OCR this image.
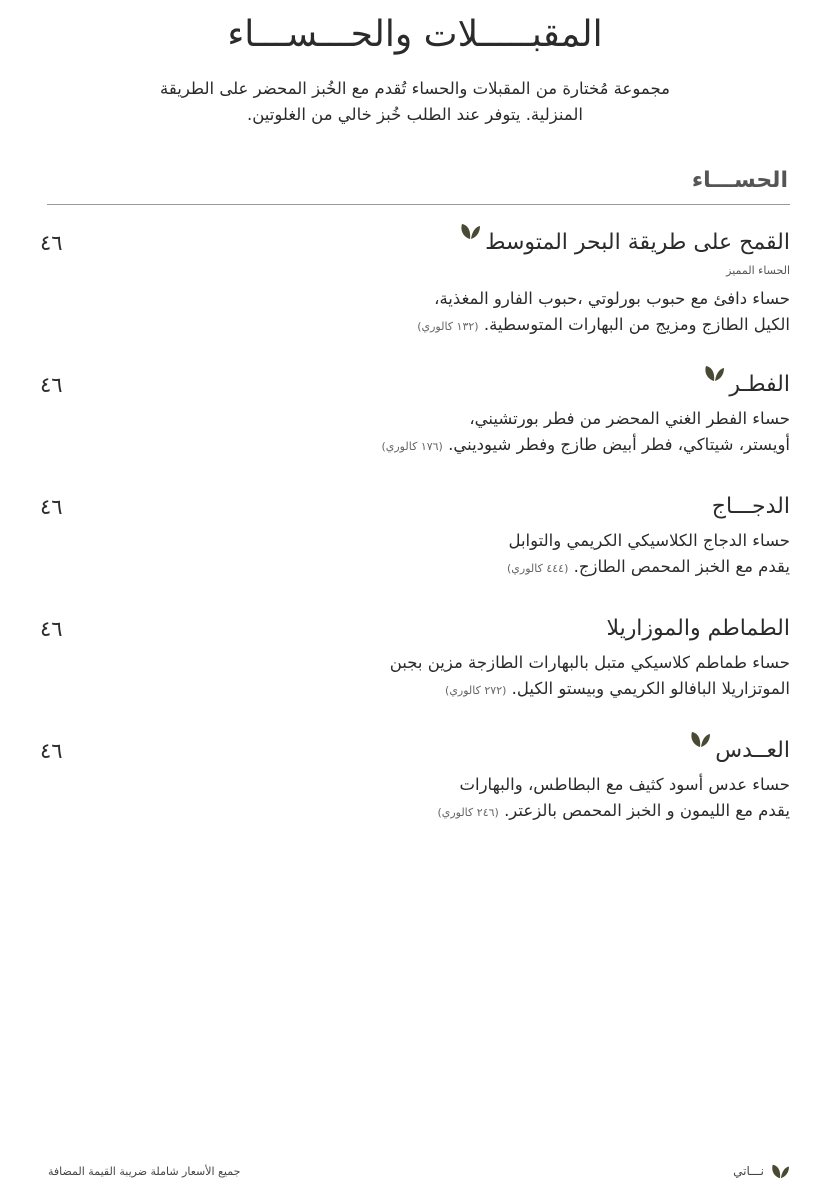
المقبـــــلات والحـــســـاء

مجموعة مُختارة من المقبلات والحساء تُقدم مع الخُبز المحضر على الطريقة المنزلية. يتوفر عند الطلب خُبز خالي من الغلوتين.

الحســـاء
القمح على طريقة البحر المتوسط
٤٦
الحساء المميز
حساء دافئ مع حبوب بورلوتي ،حبوب الفارو المغذية،
الكيل الطازج ومزيج من البهارات المتوسطية. (١٣٢ كالوري)
الفطـر
٤٦
حساء الفطر الغني المحضر من فطر بورتشيني،
أويستر، شيتاكي، فطر أبيض طازج وفطر شيوديني. (١٧٦ كالوري)
الدجـــاج
٤٦
حساء الدجاج الكلاسيكي الكريمي والتوابل
يقدم مع الخبز المحمص الطازج. (٤٤٤ كالوري)
الطماطم والموزاريلا
٤٦
حساء طماطم كلاسيكي متبل بالبهارات الطازجة مزين بجبن
الموتزاريلا البافالو الكريمي وبيستو الكيل. (٢٧٢ كالوري)
العــدس
٤٦
حساء عدس أسود كثيف مع البطاطس، والبهارات
يقدم مع الليمون و الخبز المحمص بالزعتر. (٢٤٦ كالوري)
جميع الأسعار شاملة ضريبة القيمة المضافة	نـــاتي
